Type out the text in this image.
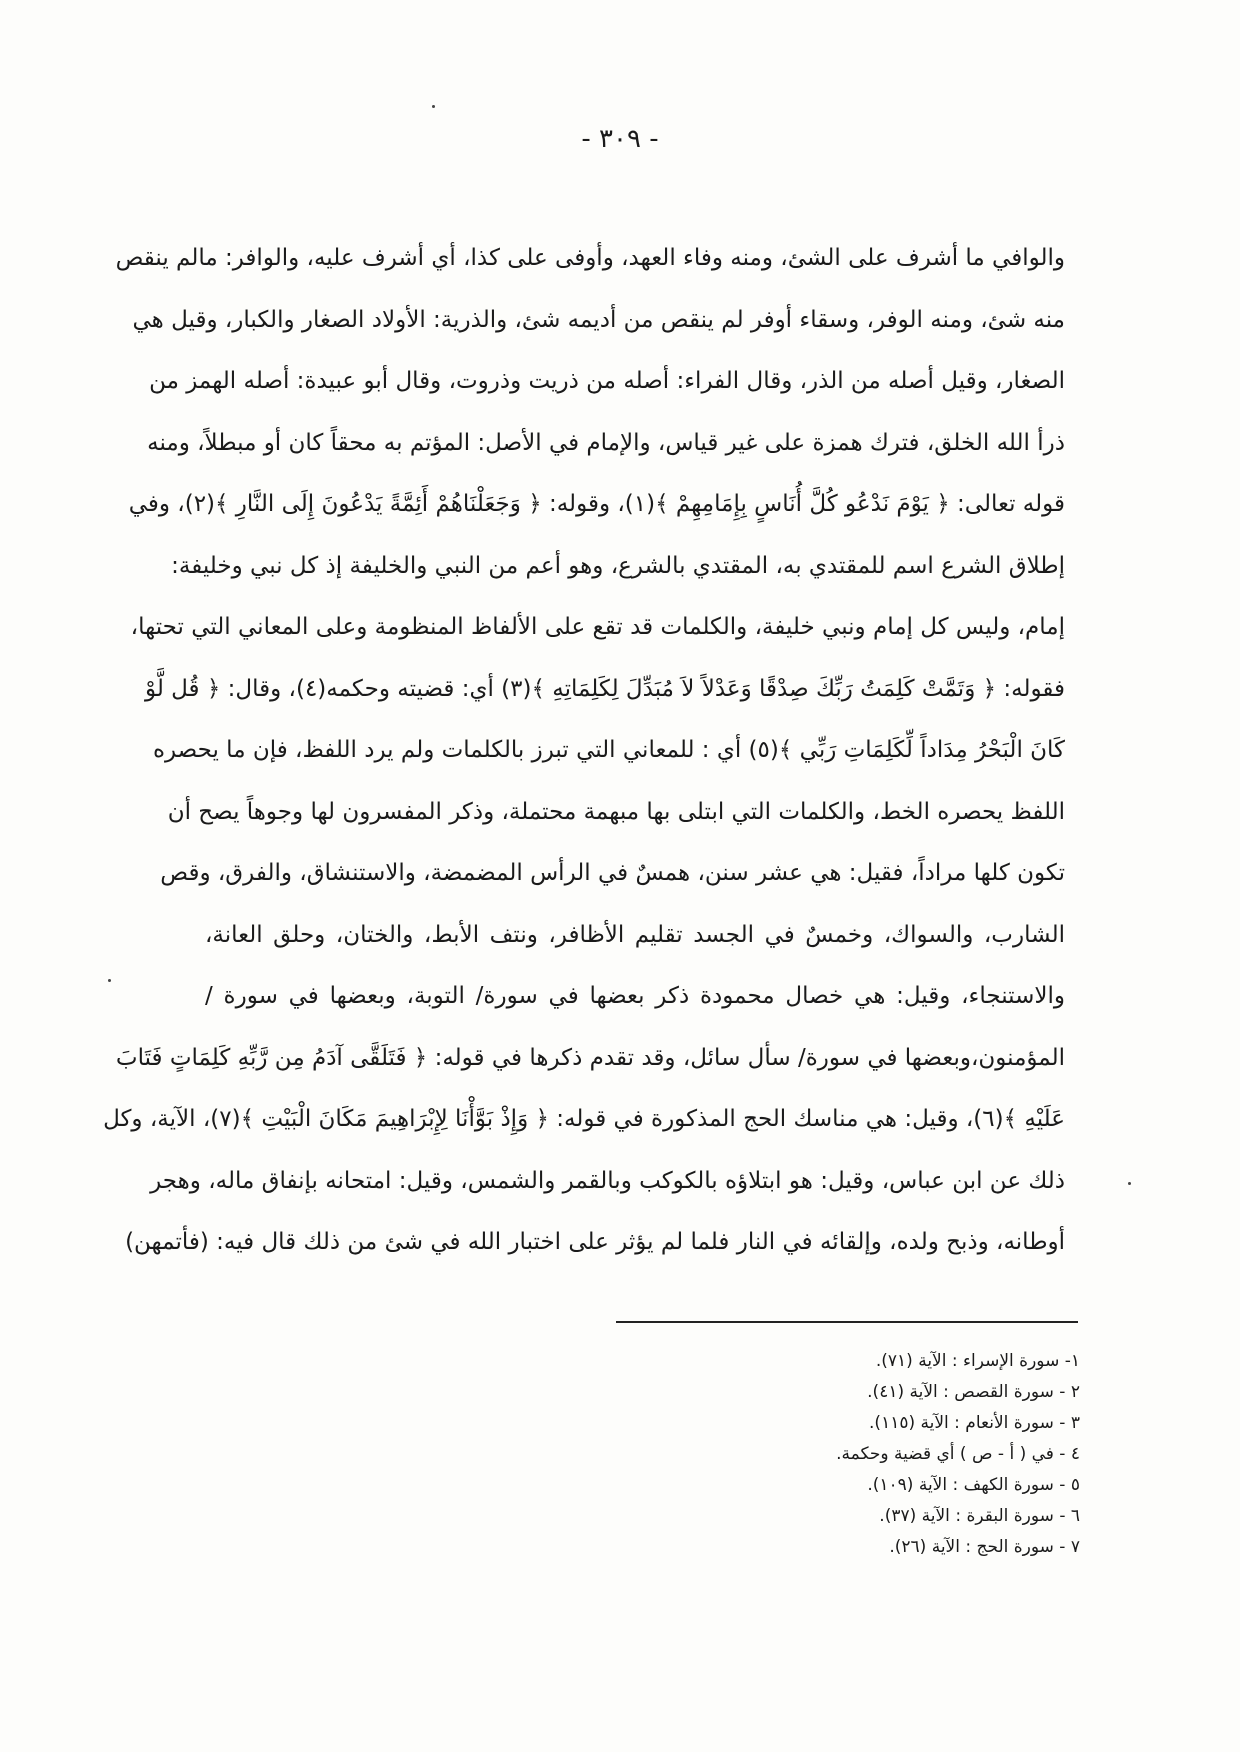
- ٣٠٩ -
والوافي ما أشرف على الشئ، ومنه وفاء العهد، وأوفى على كذا، أي أشرف عليه، والوافر: مالم ينقص
منه شئ، ومنه الوفر، وسقاء أوفر لم ينقص من أديمه شئ، والذرية: الأولاد الصغار والكبار، وقيل هي
الصغار، وقيل أصله من الذر، وقال الفراء: أصله من ذريت وذروت، وقال أبو عبيدة: أصله الهمز من
ذرأ الله الخلق، فترك همزة على غير قياس، والإمام في الأصل: المؤتم به محقاً كان أو مبطلاً، ومنه
قوله تعالى: ﴿ يَوْمَ نَدْعُو كُلَّ أُنَاسٍ بِإِمَامِهِمْ ﴾(١)، وقوله: ﴿ وَجَعَلْنَاهُمْ أَئِمَّةً يَدْعُونَ إِلَى النَّارِ ﴾(٢)، وفي
إطلاق الشرع اسم للمقتدي به، المقتدي بالشرع، وهو أعم من النبي والخليفة إذ كل نبي وخليفة:
إمام، وليس كل إمام ونبي خليفة، والكلمات قد تقع على الألفاظ المنظومة وعلى المعاني التي تحتها،
فقوله: ﴿ وَتَمَّتْ كَلِمَتُ رَبِّكَ صِدْقًا وَعَدْلاً لاَ مُبَدِّلَ لِكَلِمَاتِهِ ﴾(٣) أي: قضيته وحكمه(٤)، وقال: ﴿ قُل لَّوْ
كَانَ الْبَحْرُ مِدَاداً لِّكَلِمَاتِ رَبِّي ﴾(٥) أي : للمعاني التي تبرز بالكلمات ولم يرد اللفظ، فإن ما يحصره
اللفظ يحصره الخط، والكلمات التي ابتلى بها مبهمة محتملة، وذكر المفسرون لها وجوهاً يصح أن
تكون كلها مراداً، فقيل: هي عشر سنن، همسٌ في الرأس المضمضة، والاستنشاق، والفرق، وقص
الشارب، والسواك، وخمسٌ في الجسد تقليم الأظافر، ونتف الأبط، والختان، وحلق العانة،
والاستنجاء، وقيل: هي خصال محمودة ذكر بعضها في سورة/ التوبة، وبعضها في سورة /
المؤمنون،وبعضها في سورة/ سأل سائل، وقد تقدم ذكرها في قوله: ﴿ فَتَلَقَّى آدَمُ مِن رَّبِّهِ كَلِمَاتٍ فَتَابَ
عَلَيْهِ ﴾(٦)، وقيل: هي مناسك الحج المذكورة في قوله: ﴿ وَإِذْ بَوَّأْنَا لِإِبْرَاهِيمَ مَكَانَ الْبَيْتِ ﴾(٧)، الآية، وكل
ذلك عن ابن عباس، وقيل: هو ابتلاؤه بالكوكب وبالقمر والشمس، وقيل: امتحانه بإنفاق ماله، وهجر
أوطانه، وذبح ولده، وإلقائه في النار فلما لم يؤثر على اختبار الله في شئ من ذلك قال فيه: (فأتمهن)
١- سورة الإسراء : الآية (٧١).
٢ - سورة القصص : الآية (٤١).
٣ - سورة الأنعام : الآية (١١٥).
٤ - في ( أ - ص ) أي قضية وحكمة.
٥ - سورة الكهف : الآية (١٠٩).
٦ - سورة البقرة : الآية (٣٧).
٧ - سورة الحج : الآية (٢٦).
